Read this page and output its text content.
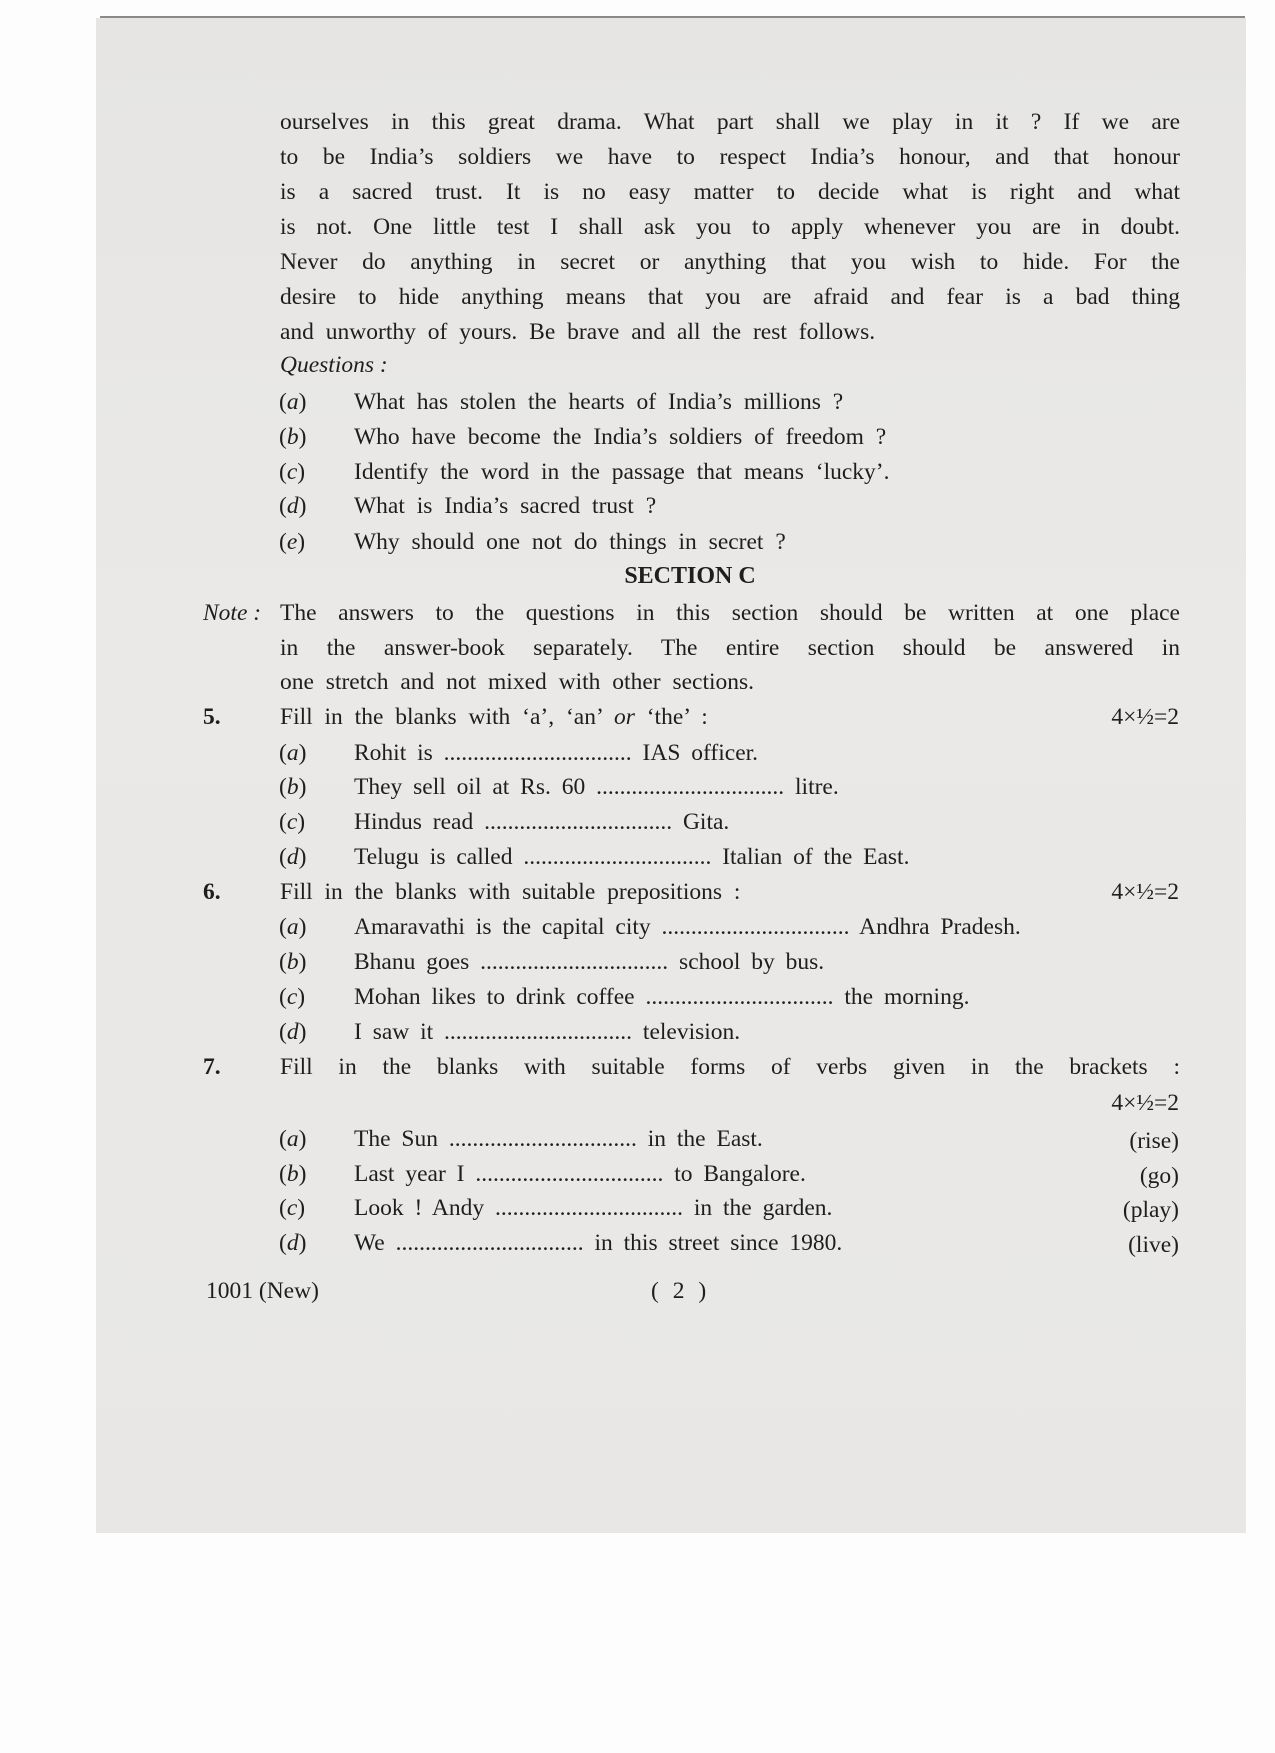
ourselves in this great drama. What part shall we play in it ? If we are
to be India’s soldiers we have to respect India’s honour, and that honour
is a sacred trust. It is no easy matter to decide what is right and what
is not. One little test I shall ask you to apply whenever you are in doubt.
Never do anything in secret or anything that you wish to hide. For the
desire to hide anything means that you are afraid and fear is a bad thing
and unworthy of yours. Be brave and all the rest follows.
Questions :
(a) What has stolen the hearts of India’s millions ?
(b) Who have become the India’s soldiers of freedom ?
(c) Identify the word in the passage that means ‘lucky’.
(d) What is India’s sacred trust ?
(e) Why should one not do things in secret ?
SECTION C
Note : The answers to the questions in this section should be written at one place
in the answer-book separately. The entire section should be answered in
one stretch and not mixed with other sections.
5.	Fill in the blanks with ‘a’, ‘an’ or ‘the’ :	4×½=2
(a) Rohit is ................................ IAS officer.
(b) They sell oil at Rs. 60 ................................ litre.
(c) Hindus read ................................ Gita.
(d) Telugu is called ................................ Italian of the East.
6.	Fill in the blanks with suitable prepositions :	4×½=2
(a) Amaravathi is the capital city ................................ Andhra Pradesh.
(b) Bhanu goes ................................ school by bus.
(c) Mohan likes to drink coffee ................................ the morning.
(d) I saw it ................................ television.
7.	Fill in the blanks with suitable forms of verbs given in the brackets :
4×½=2
(a) The Sun ................................ in the East.	(rise)
(b) Last year I ................................ to Bangalore.	(go)
(c) Look ! Andy ................................ in the garden.	(play)
(d) We ................................ in this street since 1980.	(live)
1001 (New)	( 2 )
